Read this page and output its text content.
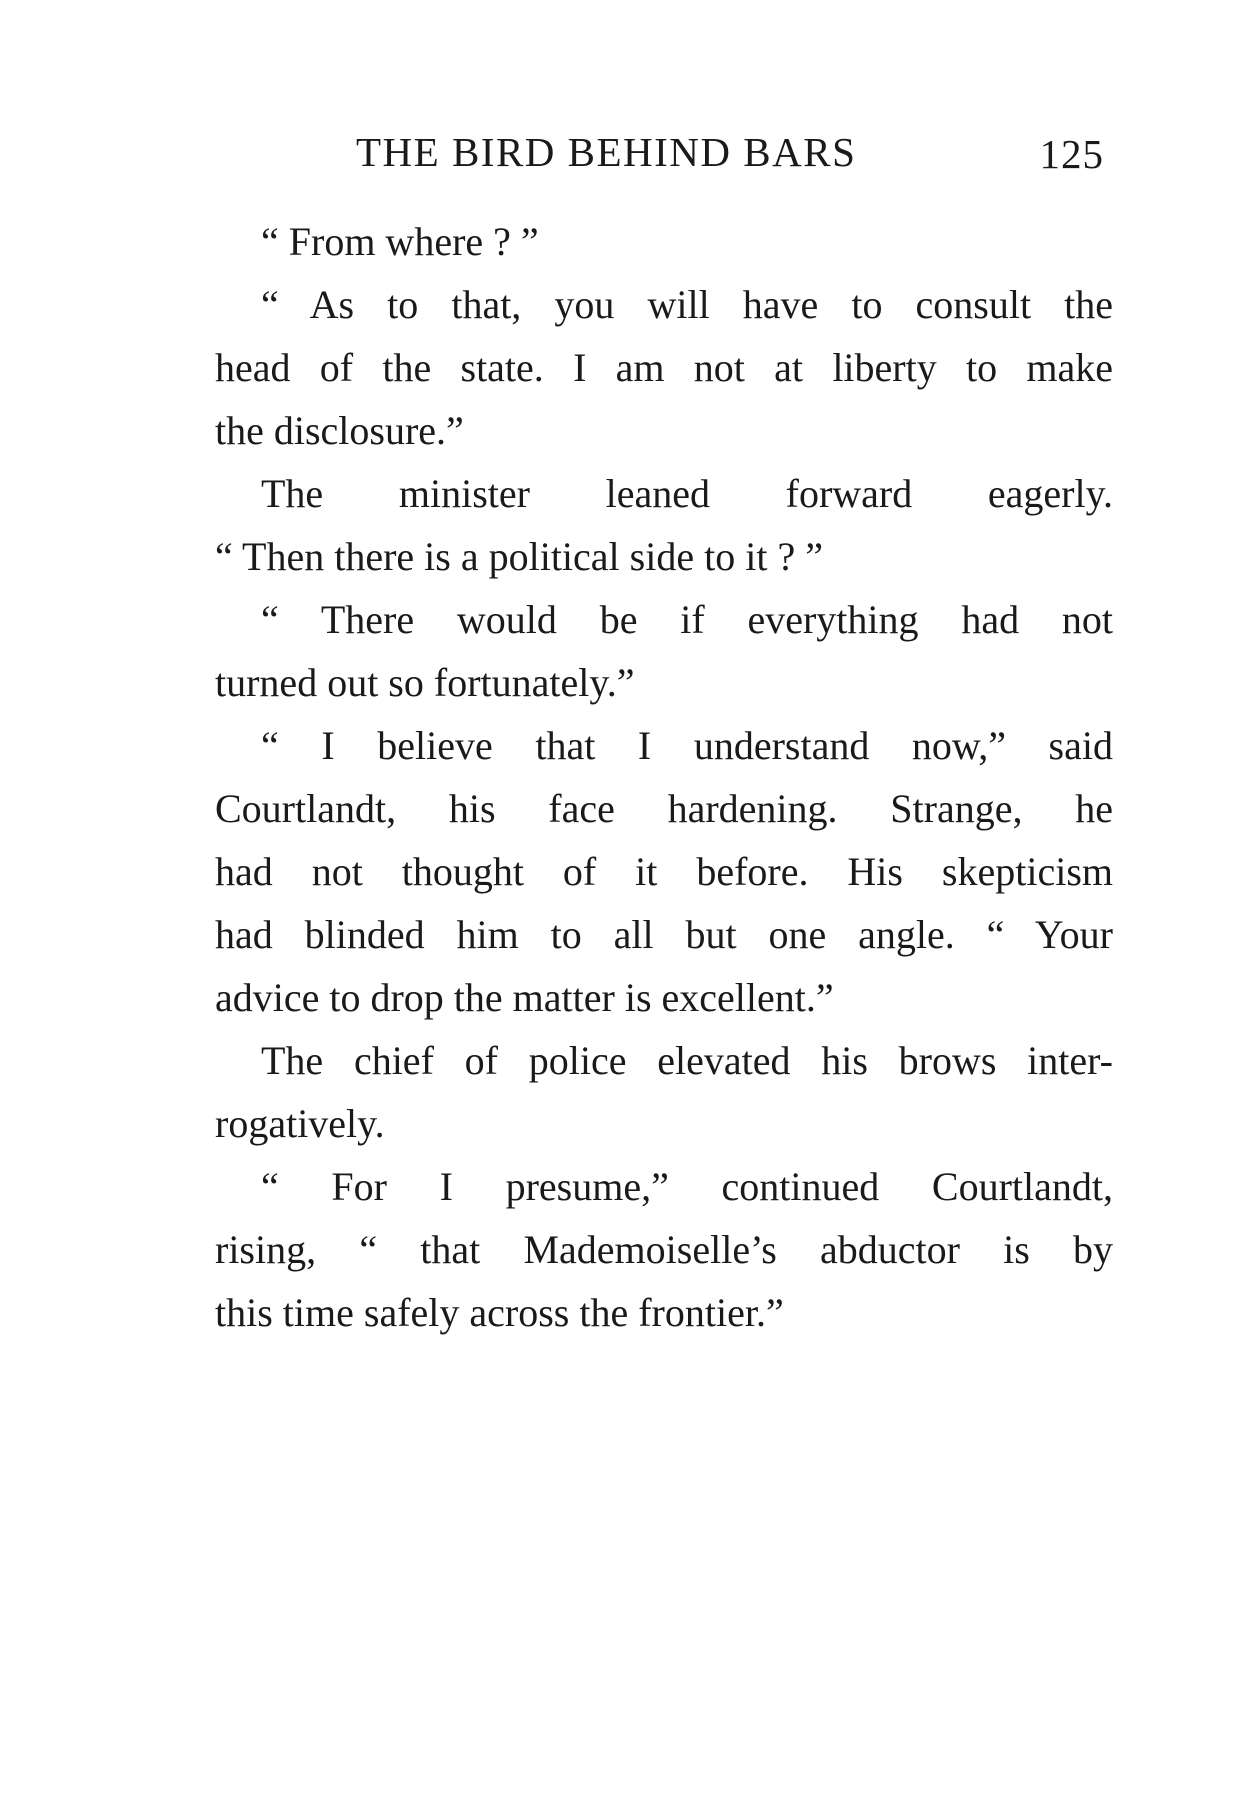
THE BIRD BEHIND BARS	125
“ From where ? ”
“ As to that, you will have to consult the
head of the state. I am not at liberty to make
the disclosure.”
The minister leaned forward eagerly.
“ Then there is a political side to it ? ”
“ There would be if everything had not
turned out so fortunately.”
“ I believe that I understand now,” said
Courtlandt, his face hardening. Strange, he
had not thought of it before. His skepticism
had blinded him to all but one angle. “ Your
advice to drop the matter is excellent.”
The chief of police elevated his brows inter-
rogatively.
“ For I presume,” continued Courtlandt,
rising, “ that Mademoiselle’s abductor is by
this time safely across the frontier.”
